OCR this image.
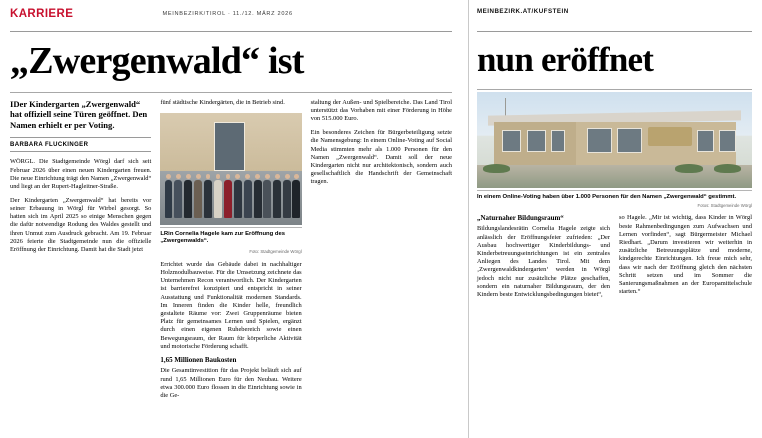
KARRIERE	MEINBEZIRK/TIROL · 11./12. MÄRZ 2026
„Zwergenwald“ ist

IDer Kindergarten „Zwergenwald“ hat offiziell seine Türen geöffnet. Den Namen erhielt er per Voting.

BARBARA FLUCKINGER

WÖRGL. Die Stadtgemeinde Wörgl darf sich seit Februar 2026 über einen neuen Kindergarten freuen. Die neue Einrichtung trägt den Namen „Zwergenwald“ und liegt an der Rupert-Hagleitner-Straße.

Der Kindergarten „Zwergenwald“ hat bereits vor seiner Erbauung in Wörgl für Wirbel gesorgt. So hatten sich im April 2025 so einige Menschen gegen die dafür notwendige Rodung des Waldes gestellt und ihren Unmut zum Ausdruck gebracht. Am 19. Februar 2026 feierte die Stadtgemeinde nun die offizielle Eröffnung der Einrichtung. Damit hat die Stadt jetzt

fünf städtische Kindergärten, die in Betrieb sind.

LRin Cornelia Hagele kam zur Eröffnung des „Zwergenwalds“.
Foto: Stadtgemeinde Wörgl

Errichtet wurde das Gebäude dabei in nachhaltiger Holzmodulbauweise. Für die Umsetzung zeichnete das Unternehmen Recon verantwortlich. Der Kindergarten ist barrierefrei konzipiert und entspricht in seiner Ausstattung und Funktionalität modernen Standards. Im Inneren finden die Kinder helle, freundlich gestaltete Räume vor: Zwei Gruppenräume bieten Platz für gemeinsames Lernen und Spielen, ergänzt durch einen eigenen Ruhebereich sowie einen Bewegungsraum, der Raum für körperliche Aktivität und motorische Förderung schafft.

1,65 Millionen Baukosten

Die Gesamtinvestition für das Projekt beläuft sich auf rund 1,65 Millionen Euro für den Neubau. Weitere etwa 300.000 Euro flossen in die Einrichtung sowie in die Ge-

staltung der Außen- und Spielbereiche. Das Land Tirol unterstützt das Vorhaben mit einer Förderung in Höhe von 515.000 Euro.

Ein besonderes Zeichen für Bürgerbeteiligung setzte die Namensgebung: In einem Online-Voting auf Social Media stimmten mehr als 1.000 Personen für den Namen „Zwergenwald“. Damit soll der neue Kindergarten nicht nur architektonisch, sondern auch gesellschaftlich die Handschrift der Gemeinschaft tragen.

MEINBEZIRK.AT/KUFSTEIN
nun eröffnet
In einem Online-Voting haben über 1.000 Personen für den Namen „Zwergenwald“ gestimmt.
Fotos: Stadtgemeinde Wörgl
„Naturnaher Bildungsraum“

Bildungslandesrätin Cornelia Hagele zeigte sich anlässlich der Eröffnungsfeier zufrieden: „Der Ausbau hochwertiger Kinderbildungs- und Kinderbetreuungseinrichtungen ist ein zentrales Anliegen des Landes Tirol. Mit dem ‚Zwergenwaldkindergarten‘ werden in Wörgl jedoch nicht nur zusätzliche Plätze geschaffen, sondern ein naturnaher Bildungsraum, der den Kindern beste Entwicklungsbedingungen bietet“,

so Hagele. „Mir ist wichtig, dass Kinder in Wörgl beste Rahmenbedingungen zum Aufwachsen und Lernen vorfinden“, sagt Bürgermeister Michael Riedhart. „Darum investieren wir weiterhin in zusätzliche Betreuungsplätze und moderne, kindgerechte Einrichtungen. Ich freue mich sehr, dass wir nach der Eröffnung gleich den nächsten Schritt setzen und im Sommer die Sanierungsmaßnahmen an der Europamittelschule starten.“
